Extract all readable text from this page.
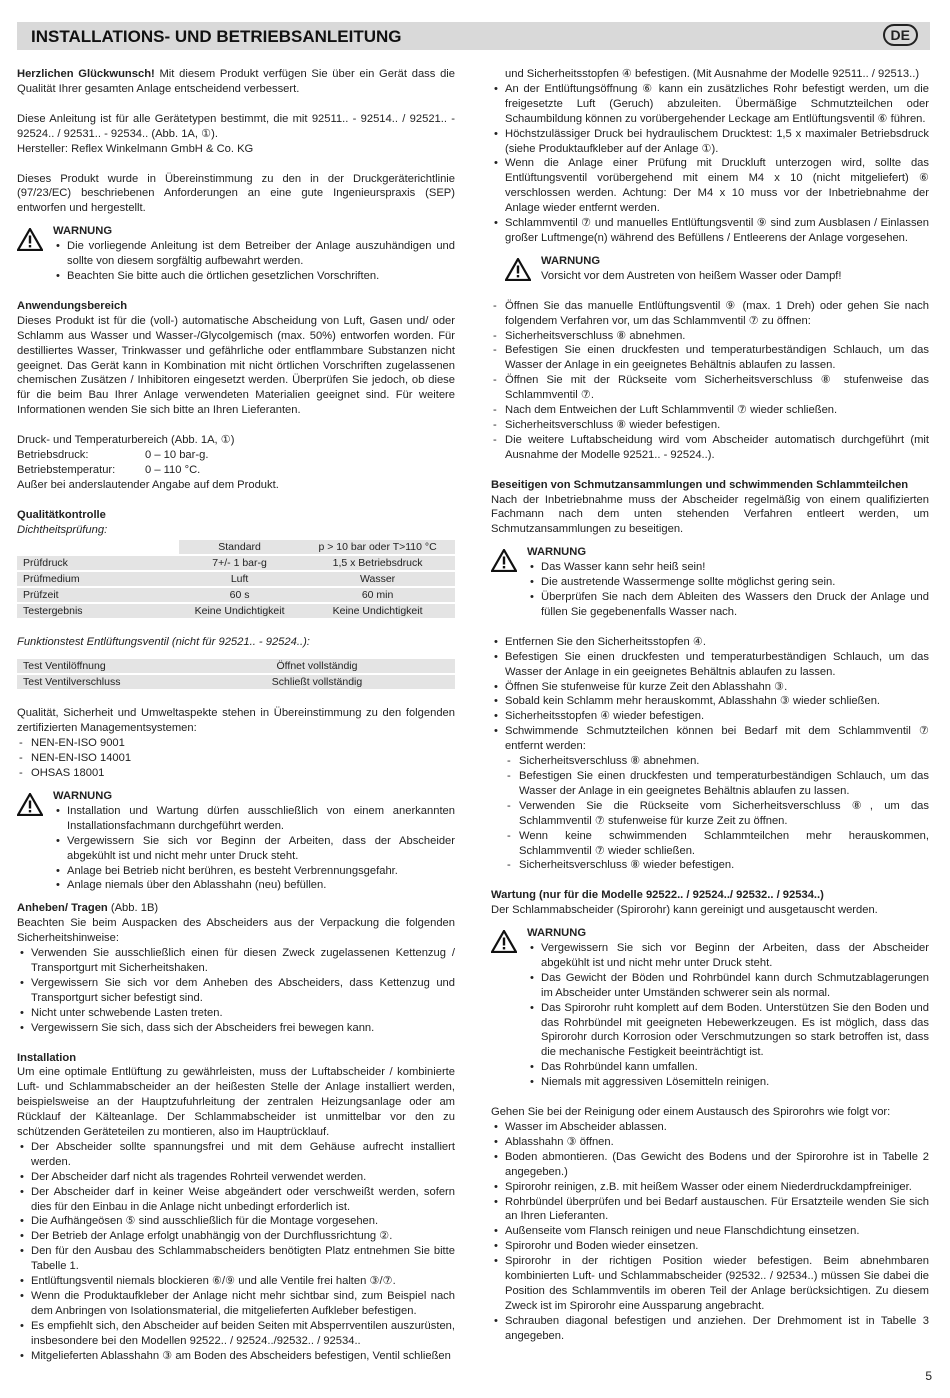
INSTALLATIONS- UND BETRIEBSANLEITUNG	DE

Herzlichen Glückwunsch! Mit diesem Produkt verfügen Sie über ein Gerät dass die Qualität Ihrer gesamten Anlage entscheidend verbessert.

Diese Anleitung ist für alle Gerätetypen bestimmt, die mit 92511.. - 92514.. / 92521.. - 92524.. / 92531.. - 92534.. (Abb. 1A, ①).

Hersteller: Reflex Winkelmann GmbH & Co. KG

Dieses Produkt wurde in Übereinstimmung zu den in der Druckgeräterichtlinie (97/23/EC) beschriebenen Anforderungen an eine gute Ingenieurspraxis (SEP) entworfen und hergestellt.

WARNUNG
• Die vorliegende Anleitung ist dem Betreiber der Anlage auszuhändigen und sollte von diesem sorgfältig aufbewahrt werden.
• Beachten Sie bitte auch die örtlichen gesetzlichen Vorschriften.

Anwendungsbereich

Dieses Produkt ist für die (voll-) automatische Abscheidung von Luft, Gasen und/ oder Schlamm aus Wasser und Wasser-/Glycolgemisch (max. 50%) entworfen worden. Für destilliertes Wasser, Trinkwasser und gefährliche oder entflammbare Substanzen nicht geeignet. Das Gerät kann in Kombination mit nicht örtlichen Vorschriften zugelassenen chemischen Zusätzen / Inhibitoren eingesetzt werden. Überprüfen Sie jedoch, ob diese für die beim Bau Ihrer Anlage verwendeten Materialien geeignet sind. Für weitere Informationen wenden Sie sich bitte an Ihren Lieferanten.

Druck- und Temperaturbereich (Abb. 1A, ①)

Betriebsdruck:	0 – 10 bar-g.
Betriebstemperatur:	0 – 110 °C.

Außer bei anderslautender Angabe auf dem Produkt.

Qualitätkontrolle

Dichtheitsprüfung:

	Standard	p > 10 bar oder T>110 °C
Prüfdruck	7+/- 1 bar-g	1,5 x Betriebsdruck
Prüfmedium	Luft	Wasser
Prüfzeit	60 s	60 min
Testergebnis	Keine Undichtigkeit	Keine Undichtigkeit

Funktionstest Entlüftungsventil (nicht für 92521.. - 92524..):

Test Ventilöffnung	Öffnet vollständig
Test Ventilverschluss	Schließt vollständig

Qualität, Sicherheit und Umweltaspekte stehen in Übereinstimmung zu den folgenden zertifizierten Managementsystemen:

- NEN-EN-ISO 9001
- NEN-EN-ISO 14001
- OHSAS 18001
WARNUNG
• Installation und Wartung dürfen ausschließlich von einem anerkannten Installationsfachmann durchgeführt werden.
• Vergewissern Sie sich vor Beginn der Arbeiten, dass der Abscheider abgekühlt ist und nicht mehr unter Druck steht.
• Anlage bei Betrieb nicht berühren, es besteht Verbrennungsgefahr.
• Anlage niemals über den Ablasshahn (neu) befüllen.

Anheben/ Tragen (Abb. 1B)

Beachten Sie beim Auspacken des Abscheiders aus der Verpackung die folgenden Sicherheitshinweise:

• Verwenden Sie ausschließlich einen für diesen Zweck zugelassenen Kettenzug / Transportgurt mit Sicherheitshaken.
• Vergewissern Sie sich vor dem Anheben des Abscheiders, dass Kettenzug und Transportgurt sicher befestigt sind.
• Nicht unter schwebende Lasten treten.
• Vergewissern Sie sich, dass sich der Abscheiders frei bewegen kann.

Installation

Um eine optimale Entlüftung zu gewährleisten, muss der Luftabscheider / kombinierte Luft- und Schlammabscheider an der heißesten Stelle der Anlage installiert werden, beispielsweise an der Hauptzufuhrleitung der zentralen Heizungsanlage oder am Rücklauf der Kälteanlage. Der Schlammabscheider ist unmittelbar vor den zu schützenden Geräteteilen zu montieren, also im Hauptrücklauf.

• Der Abscheider sollte spannungsfrei und mit dem Gehäuse aufrecht installiert werden.
• Der Abscheider darf nicht als tragendes Rohrteil verwendet werden.
• Der Abscheider darf in keiner Weise abgeändert oder verschweißt werden, sofern dies für den Einbau in die Anlage nicht unbedingt erforderlich ist.
• Die Aufhängeösen ⑤ sind ausschließlich für die Montage vorgesehen.
• Der Betrieb der Anlage erfolgt unabhängig von der Durchflussrichtung ②.
• Den für den Ausbau des Schlammabscheiders benötigten Platz entnehmen Sie bitte Tabelle 1.
• Entlüftungsventil niemals blockieren ⑥/⑨ und alle Ventile frei halten ③/⑦.
• Wenn die Produktaufkleber der Anlage nicht mehr sichtbar sind, zum Beispiel nach dem Anbringen von Isolationsmaterial, die mitgelieferten Aufkleber befestigen.
• Es empfiehlt sich, den Abscheider auf beiden Seiten mit Absperrventilen auszurüsten, insbesondere bei den Modellen 92522.. / 92524../92532.. / 92534..
• Mitgelieferten Ablasshahn ③ am Boden des Abscheiders befestigen, Ventil schließen

und Sicherheitsstopfen ④ befestigen. (Mit Ausnahme der Modelle 92511.. / 92513..)

• An der Entlüftungsöffnung ⑥ kann ein zusätzliches Rohr befestigt werden, um die freigesetzte Luft (Geruch) abzuleiten. Übermäßige Schmutzteilchen oder Schaumbildung können zu vorübergehender Leckage am Entlüftungsventil ⑥ führen.
• Höchstzulässiger Druck bei hydraulischem Drucktest: 1,5 x maximaler Betriebsdruck (siehe Produktaufkleber auf der Anlage ①).
• Wenn die Anlage einer Prüfung mit Druckluft unterzogen wird, sollte das Entlüftungsventil vorübergehend mit einem M4 x 10 (nicht mitgeliefert) ⑥ verschlossen werden. Achtung: Der M4 x 10 muss vor der Inbetriebnahme der Anlage wieder entfernt werden.
• Schlammventil ⑦ und manuelles Entlüftungsventil ⑨ sind zum Ausblasen / Einlassen großer Luftmenge(n) während des Befüllens / Entleerens der Anlage vorgesehen.
WARNUNG

Vorsicht vor dem Austreten von heißem Wasser oder Dampf!

- Öffnen Sie das manuelle Entlüftungsventil ⑨ (max. 1 Dreh) oder gehen Sie nach folgendem Verfahren vor, um das Schlammventil ⑦ zu öffnen:
- Sicherheitsverschluss ⑧ abnehmen.
- Befestigen Sie einen druckfesten und temperaturbeständigen Schlauch, um das Wasser der Anlage in ein geeignetes Behältnis ablaufen zu lassen.
- Öffnen Sie mit der Rückseite vom Sicherheitsverschluss ⑧ stufenweise das Schlammventil ⑦.
- Nach dem Entweichen der Luft Schlammventil ⑦ wieder schließen.
- Sicherheitsverschluss ⑧ wieder befestigen.
- Die weitere Luftabscheidung wird vom Abscheider automatisch durchgeführt (mit Ausnahme der Modelle 92521.. - 92524..).

Beseitigen von Schmutzansammlungen und schwimmenden Schlammteilchen

Nach der Inbetriebnahme muss der Abscheider regelmäßig von einem qualifizierten Fachmann nach dem unten stehenden Verfahren entleert werden, um Schmutzansammlungen zu beseitigen.

WARNUNG
• Das Wasser kann sehr heiß sein!
• Die austretende Wassermenge sollte möglichst gering sein.
• Überprüfen Sie nach dem Ableiten des Wassers den Druck der Anlage und füllen Sie gegebenenfalls Wasser nach.
• Entfernen Sie den Sicherheitsstopfen ④.
• Befestigen Sie einen druckfesten und temperaturbeständigen Schlauch, um das Wasser der Anlage in ein geeignetes Behältnis ablaufen zu lassen.
• Öffnen Sie stufenweise für kurze Zeit den Ablasshahn ③.
• Sobald kein Schlamm mehr herauskommt, Ablasshahn ③ wieder schließen.
• Sicherheitsstopfen ④ wieder befestigen.
• Schwimmende Schmutzteilchen können bei Bedarf mit dem Schlammventil ⑦ entfernt werden:
- Sicherheitsverschluss ⑧ abnehmen.
- Befestigen Sie einen druckfesten und temperaturbeständigen Schlauch, um das Wasser der Anlage in ein geeignetes Behältnis ablaufen zu lassen.
- Verwenden Sie die Rückseite vom Sicherheitsverschluss ⑧, um das Schlammventil ⑦ stufenweise für kurze Zeit zu öffnen.
- Wenn keine schwimmenden Schlammteilchen mehr herauskommen, Schlammventil ⑦ wieder schließen.
- Sicherheitsverschluss ⑧ wieder befestigen.

Wartung (nur für die Modelle 92522.. / 92524../ 92532.. / 92534..)

Der Schlammabscheider (Spirorohr) kann gereinigt und ausgetauscht werden.

WARNUNG
• Vergewissern Sie sich vor Beginn der Arbeiten, dass der Abscheider abgekühlt ist und nicht mehr unter Druck steht.
• Das Gewicht der Böden und Rohrbündel kann durch Schmutzablagerungen im Abscheider unter Umständen schwerer sein als normal.
• Das Spirorohr ruht komplett auf dem Boden. Unterstützen Sie den Boden und das Rohrbündel mit geeigneten Hebewerkzeugen. Es ist möglich, dass das Spirorohr durch Korrosion oder Verschmutzungen so stark betroffen ist, dass die mechanische Festigkeit beeinträchtigt ist.
• Das Rohrbündel kann umfallen.
• Niemals mit aggressiven Lösemitteln reinigen.

Gehen Sie bei der Reinigung oder einem Austausch des Spirorohrs wie folgt vor:

• Wasser im Abscheider ablassen.
• Ablasshahn ③ öffnen.
• Boden abmontieren. (Das Gewicht des Bodens und der Spirorohre ist in Tabelle 2 angegeben.)
• Spirorohr reinigen, z.B. mit heißem Wasser oder einem Niederdruckdampfreiniger.
• Rohrbündel überprüfen und bei Bedarf austauschen. Für Ersatzteile wenden Sie sich an Ihren Lieferanten.
• Außenseite vom Flansch reinigen und neue Flanschdichtung einsetzen.
• Spirorohr und Boden wieder einsetzen.
• Spirorohr in der richtigen Position wieder befestigen. Beim abnehmbaren kombinierten Luft- und Schlammabscheider (92532.. / 92534..) müssen Sie dabei die Position des Schlammventils im oberen Teil der Anlage berücksichtigen. Zu diesem Zweck ist im Spirorohr eine Aussparung angebracht.
• Schrauben diagonal befestigen und anziehen. Der Drehmoment ist in Tabelle 3 angegeben.
5
